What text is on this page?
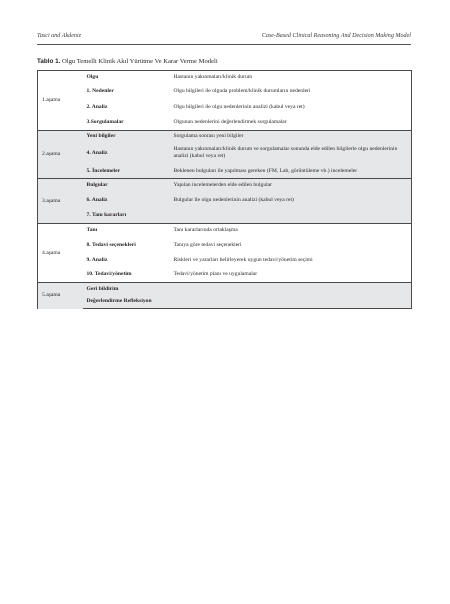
Tasci and Akdeniz	Case-Based Clinical Reasoning And Decision Making Model
Tablo 1. Olgu Temelli Klinik Akıl Yürütme Ve Karar Verme Modeli
1.aşama	Olgu	Hastanın yakınmaları/klinik durum
	1. Nedenler	Olgu bilgileri ile olguda problem/klinik durumların nedenleri
	2. Analiz	Olgu bilgileri ile olgu nedenlerinin analizi (kabul veya ret)
	3.Sorgulamalar	Olgunun nedenlerini değerlendirmek sorgulamalar
2.aşama	Yeni bilgiler	Sorgulama sonrası yeni bilgiler
	4. Analiz	Hastanın yakınmaları/klinik durum ve sorgulamalar sonunda elde edilen bilgilerle olgu nedenlerinin analizi (kabul veya ret)
	5. İncelemeler	Beklenen bulguları ile yapılması gereken (FM, Lab, görüntüleme vb.) incelemeler
3.aşama	Bulgular	Yapılan incelemelerden elde edilen bulgular
	6. Analiz	Bulgular ile olgu nedenlerinin analizi (kabul veya ret)
	7. Tanı kararları	
4.aşama	Tanı	Tanı kararlarında ortaklaşma
	8. Tedavi seçenekleri	Tanıya göre tedavi seçenekleri
	9. Analiz	Riskleri ve yararları belirleyerek uygun tedavi/yönetim seçimi
	10. Tedavi/yönetim	Tedavi/yönetim planı ve uygulamalar
5.aşama	Geri bildirim	
	Değerlendirme Refleksiyon	
